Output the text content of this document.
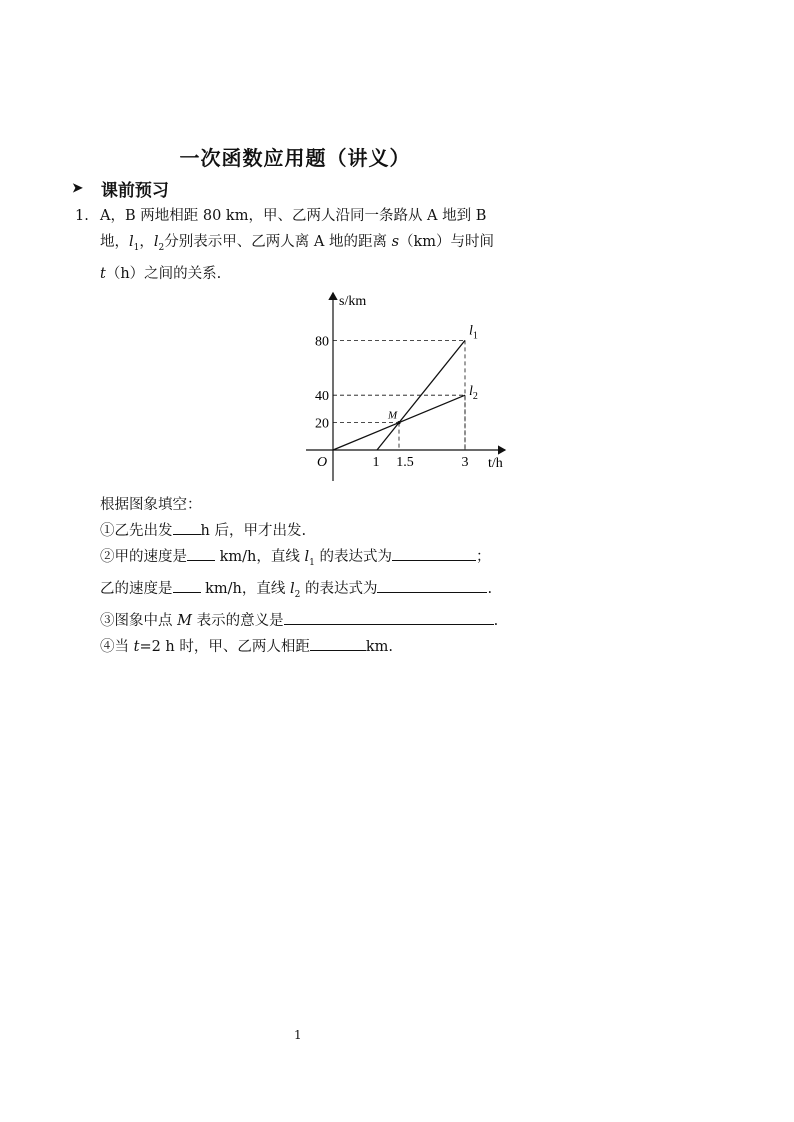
一次函数应用题（讲义）
➤ 课前预习
1. A，B 两地相距 80 km，甲、乙两人沿同一条路从 A 地到 B
地，$l_1$，$l_2$分别表示甲、乙两人离 A 地的距离 s（km）与时间
t（h）之间的关系.
$l_1$
$l_2$
M
20
40
80
1 1.5	3
O
s/km
t/h
根据图象填空：
①乙先出发 h 后，甲才出发.
②甲的速度是 km/h，直线 $l_1$ 的表达式为	；
乙的速度是 km/h，直线 $l_2$ 的表达式为	.
③图象中点 M 表示的意义是	.
④当 t=2 h 时，甲、乙两人相距	km.
1
